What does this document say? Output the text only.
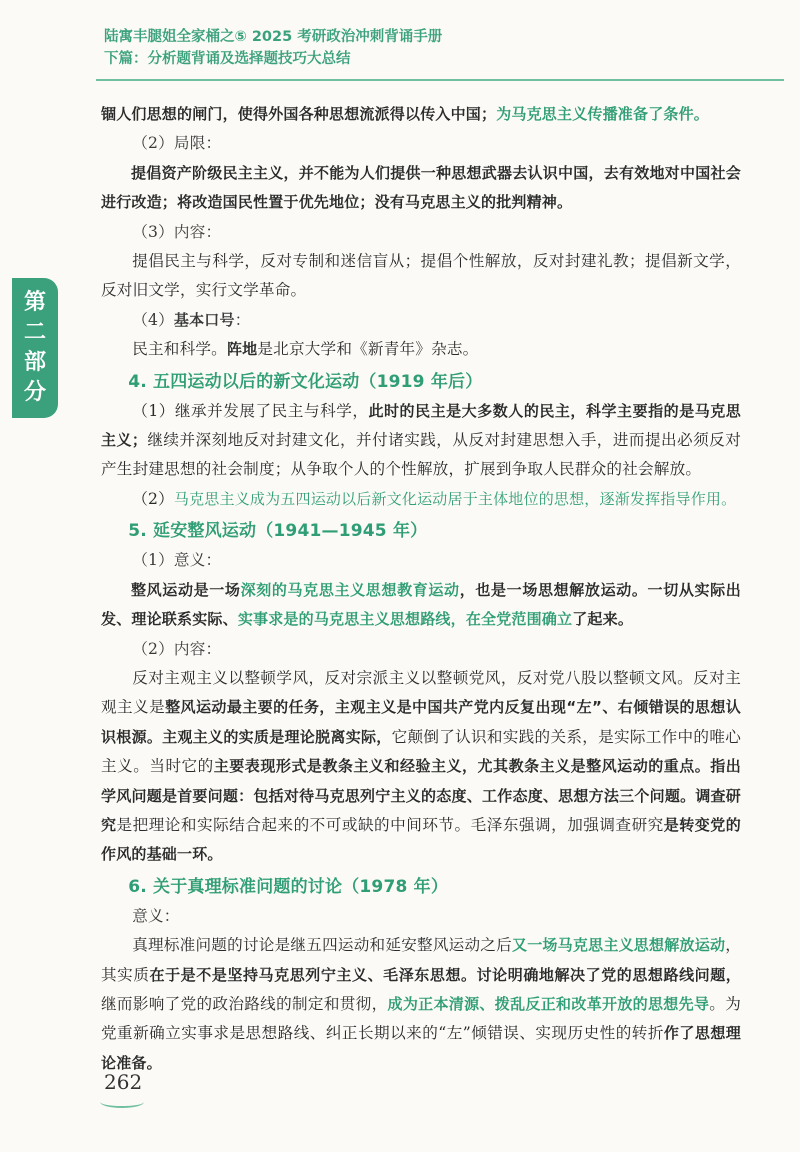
陆寓丰腿姐全家桶之⑤ 2025 考研政治冲刺背诵手册
下篇：分析题背诵及选择题技巧大总结
第
二
部
分

锢人们思想的闸门，使得外国各种思想流派得以传入中国；为马克思主义传播准备了条件。

（2）局限：

提倡资产阶级民主主义，并不能为人们提供一种思想武器去认识中国，去有效地对中国社会进行改造；将改造国民性置于优先地位；没有马克思主义的批判精神。

（3）内容：

提倡民主与科学，反对专制和迷信盲从；提倡个性解放，反对封建礼教；提倡新文学，反对旧文学，实行文学革命。

（4）基本口号：

民主和科学。阵地是北京大学和《新青年》杂志。

4. 五四运动以后的新文化运动（1919 年后）

（1）继承并发展了民主与科学，此时的民主是大多数人的民主，科学主要指的是马克思主义；继续并深刻地反对封建文化，并付诸实践，从反对封建思想入手，进而提出必须反对产生封建思想的社会制度；从争取个人的个性解放，扩展到争取人民群众的社会解放。

（2）马克思主义成为五四运动以后新文化运动居于主体地位的思想，逐渐发挥指导作用。

5. 延安整风运动（1941—1945 年）

（1）意义：

整风运动是一场深刻的马克思主义思想教育运动，也是一场思想解放运动。一切从实际出发、理论联系实际、实事求是的马克思主义思想路线，在全党范围确立了起来。

（2）内容：

反对主观主义以整顿学风，反对宗派主义以整顿党风，反对党八股以整顿文风。反对主观主义是整风运动最主要的任务，主观主义是中国共产党内反复出现“左”、右倾错误的思想认识根源。主观主义的实质是理论脱离实际，它颠倒了认识和实践的关系，是实际工作中的唯心主义。当时它的主要表现形式是教条主义和经验主义，尤其教条主义是整风运动的重点。指出学风问题是首要问题：包括对待马克思列宁主义的态度、工作态度、思想方法三个问题。调查研究是把理论和实际结合起来的不可或缺的中间环节。毛泽东强调，加强调查研究是转变党的作风的基础一环。

6. 关于真理标准问题的讨论（1978 年）

意义：

真理标准问题的讨论是继五四运动和延安整风运动之后又一场马克思主义思想解放运动，其实质在于是不是坚持马克思列宁主义、毛泽东思想。讨论明确地解决了党的思想路线问题，继而影响了党的政治路线的制定和贯彻，成为正本清源、拨乱反正和改革开放的思想先导。为党重新确立实事求是思想路线、纠正长期以来的“左”倾错误、实现历史性的转折作了思想理论准备。

262
